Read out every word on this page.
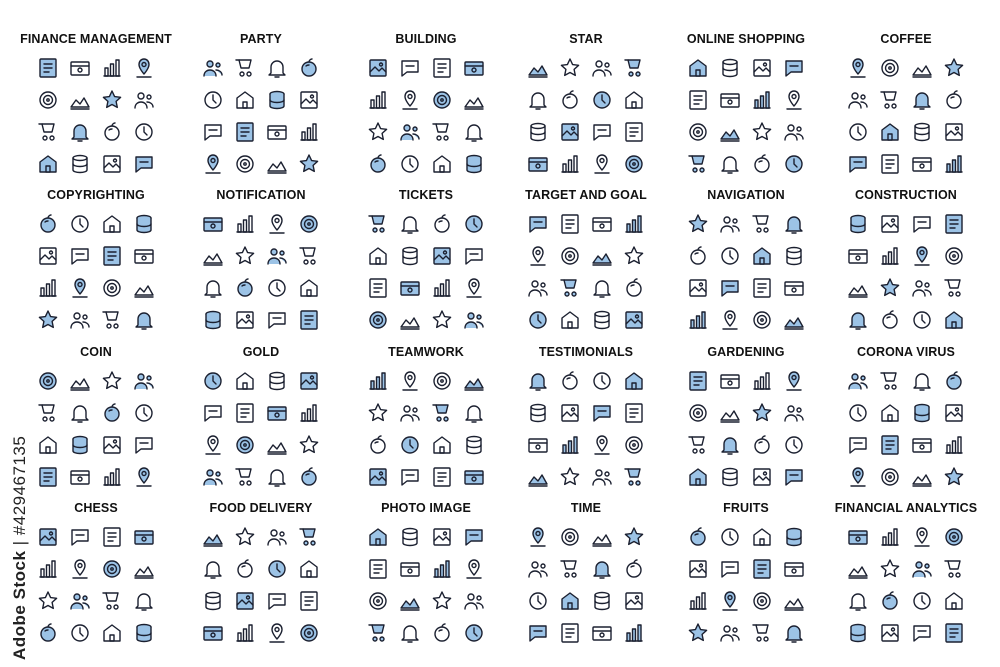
FINANCE MANAGEMENT	PARTY	BUILDING	STAR	ONLINE SHOPPING	COFFEE
COPYRIGHTING	NOTIFICATION	TICKETS	TARGET AND GOAL	NAVIGATION	CONSTRUCTION
COIN	GOLD	TEAMWORK	TESTIMONIALS	GARDENING	CORONA VIRUS
CHESS	FOOD DELIVERY	PHOTO IMAGE	TIME	FRUITS	FINANCIAL ANALYTICS
Adobe Stock | #429467135
